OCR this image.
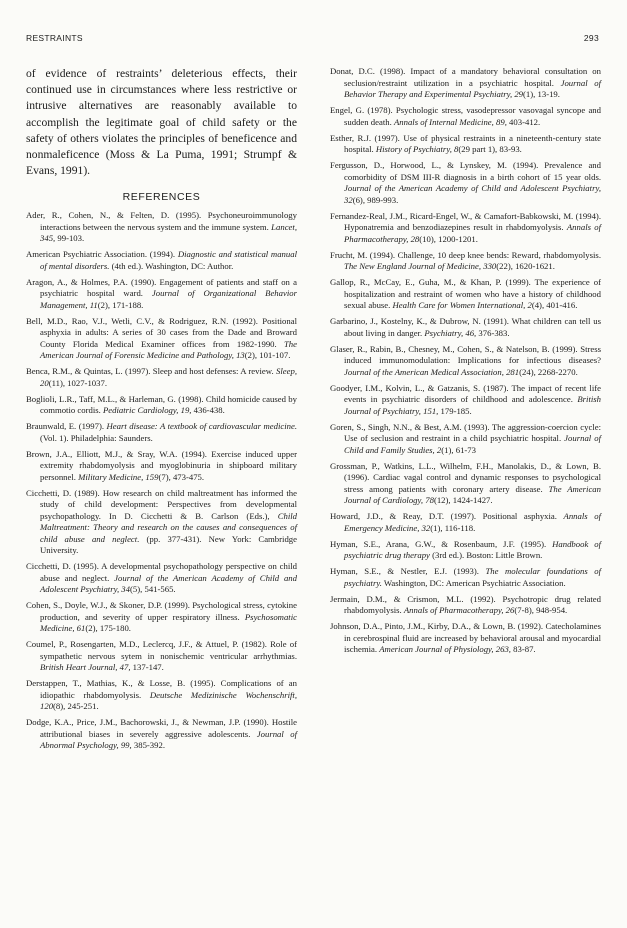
RESTRAINTS	293

of evidence of restraints’ deleterious effects, their continued use in circumstances where less restrictive or intrusive alternatives are reasonably available to accomplish the legitimate goal of child safety or the safety of others violates the principles of beneficence and nonmaleficence (Moss & La Puma, 1991; Strumpf & Evans, 1991).

REFERENCES

Ader, R., Cohen, N., & Felten, D. (1995). Psychoneuroimmunology interactions between the nervous system and the immune system. Lancet, 345, 99-103.

American Psychiatric Association. (1994). Diagnostic and statistical manual of mental disorders. (4th ed.). Washington, DC: Author.

Aragon, A., & Holmes, P.A. (1990). Engagement of patients and staff on a psychiatric hospital ward. Journal of Organizational Behavior Management, 11(2), 171-188.

Bell, M.D., Rao, V.J., Wetli, C.V., & Rodriguez, R.N. (1992). Positional asphyxia in adults: A series of 30 cases from the Dade and Broward County Florida Medical Examiner offices from 1982-1990. The American Journal of Forensic Medicine and Pathology, 13(2), 101-107.

Benca, R.M., & Quintas, L. (1997). Sleep and host defenses: A review. Sleep, 20(11), 1027-1037.

Boglioli, L.R., Taff, M.L., & Harleman, G. (1998). Child homicide caused by commotio cordis. Pediatric Cardiology, 19, 436-438.

Braunwald, E. (1997). Heart disease: A textbook of cardiovascular medicine. (Vol. 1). Philadelphia: Saunders.

Brown, J.A., Elliott, M.J., & Sray, W.A. (1994). Exercise induced upper extremity rhabdomyolysis and myoglobinuria in shipboard military personnel. Military Medicine, 159(7), 473-475.

Cicchetti, D. (1989). How research on child maltreatment has informed the study of child development: Perspectives from developmental psychopathology. In D. Cicchetti & B. Carlson (Eds.), Child Maltreatment: Theory and research on the causes and consequences of child abuse and neglect. (pp. 377-431). New York: Cambridge University.

Cicchetti, D. (1995). A developmental psychopathology perspective on child abuse and neglect. Journal of the American Academy of Child and Adolescent Psychiatry, 34(5), 541-565.

Cohen, S., Doyle, W.J., & Skoner, D.P. (1999). Psychological stress, cytokine production, and severity of upper respiratory illness. Psychosomatic Medicine, 61(2), 175-180.

Coumel, P., Rosengarten, M.D., Leclercq, J.F., & Attuel, P. (1982). Role of sympathetic nervous sytem in nonischemic ventricular arrhythmias. British Heart Journal, 47, 137-147.

Derstappen, T., Mathias, K., & Losse, B. (1995). Complications of an idiopathic rhabdomyolysis. Deutsche Medizinische Wochenschrift, 120(8), 245-251.

Dodge, K.A., Price, J.M., Bachorowski, J., & Newman, J.P. (1990). Hostile attributional biases in severely aggressive adolescents. Journal of Abnormal Psychology, 99, 385-392.

Donat, D.C. (1998). Impact of a mandatory behavioral consultation on seclusion/restraint utilization in a psychiatric hospital. Journal of Behavior Therapy and Experimental Psychiatry, 29(1), 13-19.

Engel, G. (1978). Psychologic stress, vasodepressor vasovagal syncope and sudden death. Annals of Internal Medicine, 89, 403-412.

Esther, R.J. (1997). Use of physical restraints in a nineteenth-century state hospital. History of Psychiatry, 8(29 part 1), 83-93.

Fergusson, D., Horwood, L., & Lynskey, M. (1994). Prevalence and comorbidity of DSM III-R diagnosis in a birth cohort of 15 year olds. Journal of the American Academy of Child and Adolescent Psychiatry, 32(6), 989-993.

Fernandez-Real, J.M., Ricard-Engel, W., & Camafort-Babkowski, M. (1994). Hyponatremia and benzodiazepines result in rhabdomyolysis. Annals of Pharmacotherapy, 28(10), 1200-1201.

Frucht, M. (1994). Challenge, 10 deep knee bends: Reward, rhabdomyolysis. The New England Journal of Medicine, 330(22), 1620-1621.

Gallop, R., McCay, E., Guha, M., & Khan, P. (1999). The experience of hospitalization and restraint of women who have a history of childhood sexual abuse. Health Care for Women International, 2(4), 401-416.

Garbarino, J., Kostelny, K., & Dubrow, N. (1991). What children can tell us about living in danger. Psychiatry, 46, 376-383.

Glaser, R., Rabin, B., Chesney, M., Cohen, S., & Natelson, B. (1999). Stress induced immunomodulation: Implications for infectious diseases? Journal of the American Medical Association, 281(24), 2268-2270.

Goodyer, I.M., Kolvin, L., & Gatzanis, S. (1987). The impact of recent life events in psychiatric disorders of childhood and adolescence. British Journal of Psychiatry, 151, 179-185.

Goren, S., Singh, N.N., & Best, A.M. (1993). The aggression-coercion cycle: Use of seclusion and restraint in a child psychiatric hospital. Journal of Child and Family Studies, 2(1), 61-73

Grossman, P., Watkins, L.L., Wilhelm, F.H., Manolakis, D., & Lown, B. (1996). Cardiac vagal control and dynamic responses to psychological stress among patients with coronary artery disease. The American Journal of Cardiology, 78(12), 1424-1427.

Howard, J.D., & Reay, D.T. (1997). Positional asphyxia. Annals of Emergency Medicine, 32(1), 116-118.

Hyman, S.E., Arana, G.W., & Rosenbaum, J.F. (1995). Handbook of psychiatric drug therapy (3rd ed.). Boston: Little Brown.

Hyman, S.E., & Nestler, E.J. (1993). The molecular foundations of psychiatry. Washington, DC: American Psychiatric Association.

Jermain, D.M., & Crismon, M.L. (1992). Psychotropic drug related rhabdomyolysis. Annals of Pharmacotherapy, 26(7-8), 948-954.

Johnson, D.A., Pinto, J.M., Kirby, D.A., & Lown, B. (1992). Catecholamines in cerebrospinal fluid are increased by behavioral arousal and myocardial ischemia. American Journal of Physiology, 263, 83-87.
